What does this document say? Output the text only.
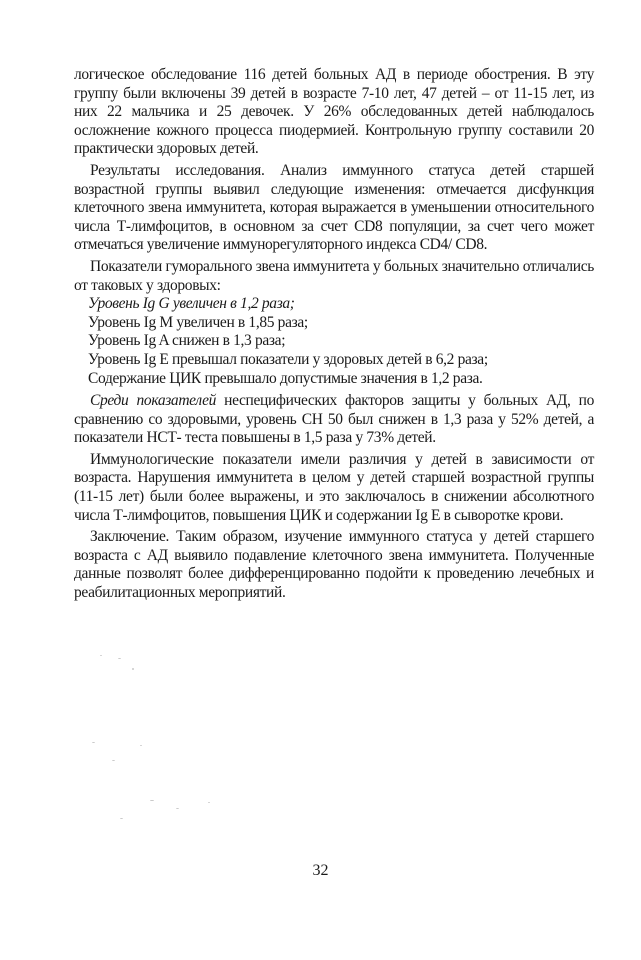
логическое обследование 116 детей больных АД в периоде обострения. В эту группу были включены 39 детей в возрасте 7-10 лет, 47 детей – от 11-15 лет, из них 22 мальчика и 25 девочек. У 26% обследованных детей наблюдалось осложнение кожного процесса пиодермией. Контрольную группу составили 20 практически здоровых детей.

Результаты исследования. Анализ иммунного статуса детей старшей возрастной группы выявил следующие изменения: отмечается дисфункция клеточного звена иммунитета, которая выражается в уменьшении относительного числа Т-лимфоцитов, в основном за счет CD8 популяции, за счет чего может отмечаться увеличение иммунорегуляторного индекса CD4/ CD8.

Показатели гуморального звена иммунитета у больных значительно отличались от таковых у здоровых:

Уровень Ig G увеличен в 1,2 раза;

Уровень Ig M увеличен в 1,85 раза;

Уровень Ig A снижен в 1,3 раза;

Уровень Ig E превышал показатели у здоровых детей в 6,2 раза;

Содержание ЦИК превышало допустимые значения в 1,2 раза.

Среди показателей неспецифических факторов защиты у больных АД, по сравнению со здоровыми, уровень СН 50 был снижен в 1,3 раза у 52% детей, а показатели НСТ- теста повышены в 1,5 раза у 73% детей.

Иммунологические показатели имели различия у детей в зависимости от возраста. Нарушения иммунитета в целом у детей старшей возрастной группы (11-15 лет) были более выражены, и это заключалось в снижении абсолютного числа Т-лимфоцитов, повышения ЦИК и содержании Ig E в сыворотке крови.

Заключение. Таким образом, изучение иммунного статуса у детей старшего возраста с АД выявило подавление клеточного звена иммунитета. Полученные данные позволят более дифференцированно подойти к проведению лечебных и реабилитационных мероприятий.

32
